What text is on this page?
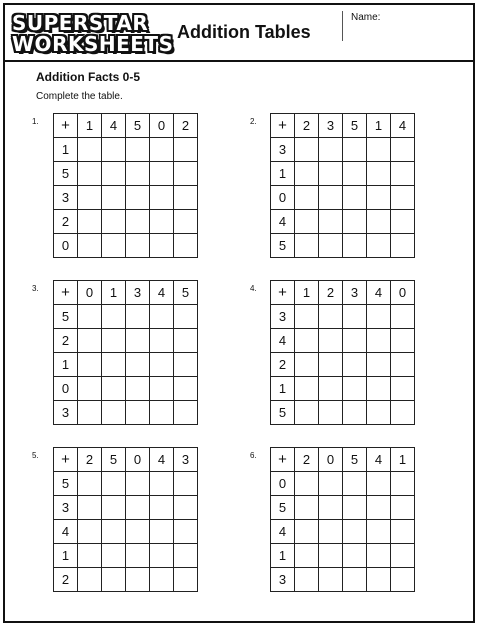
SUPERSTAR
WORKSHEETS Addition Tables
Name:
Addition Facts 0-5
Complete the table.
1. +	1	4	5	0	2
1					
5					
3					
2					
0					
2. +	2	3	5	1	4
3					
1					
0					
4					
5					
3. +	0	1	3	4	5
5					
2					
1					
0					
3					
4. +	1	2	3	4	0
3					
4					
2					
1					
5					
5. +	2	5	0	4	3
5					
3					
4					
1					
2					
6. +	2	0	5	4	1
0					
5					
4					
1					
3					
